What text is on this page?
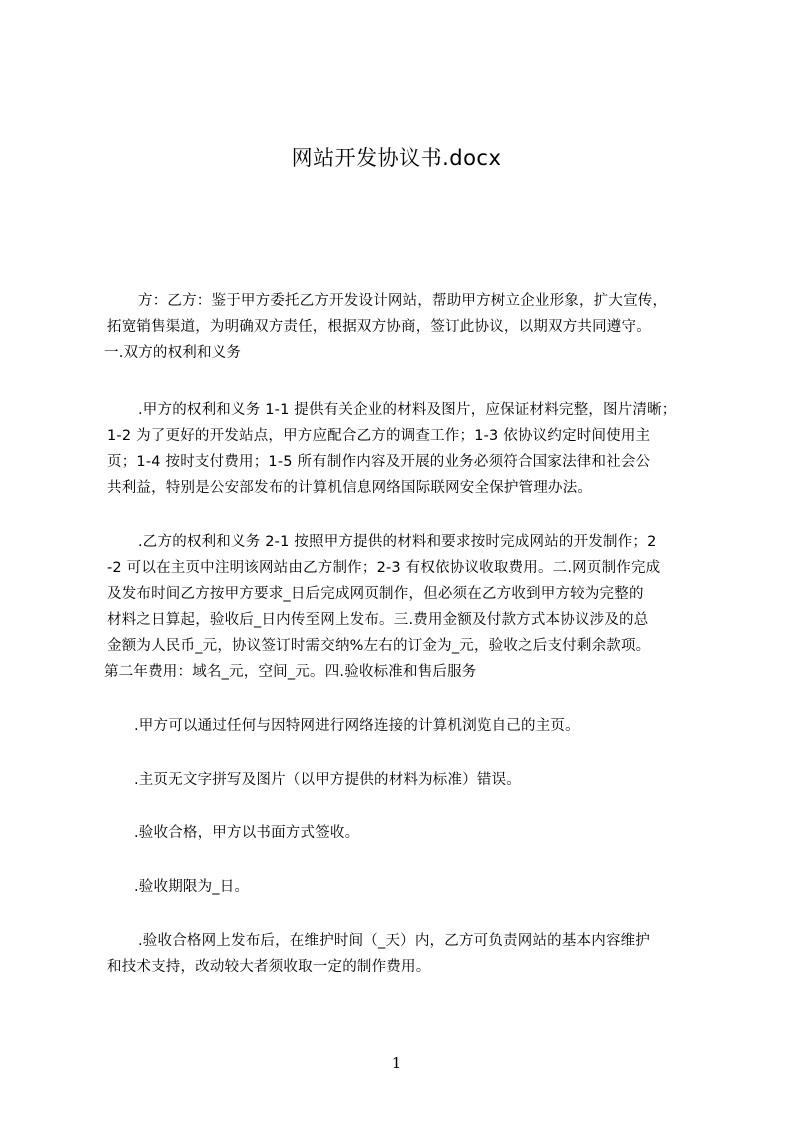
网站开发协议书.docx
方：乙方：鉴于甲方委托乙方开发设计网站，帮助甲方树立企业形象，扩大宣传，
拓宽销售渠道，为明确双方责任，根据双方协商，签订此协议，以期双方共同遵守。
一.双方的权利和义务
.甲方的权利和义务 1-1 提供有关企业的材料及图片，应保证材料完整，图片清晰；
1-2 为了更好的开发站点，甲方应配合乙方的调查工作；1-3 依协议约定时间使用主
页；1-4 按时支付费用；1-5 所有制作内容及开展的业务必须符合国家法律和社会公
共利益，特别是公安部发布的计算机信息网络国际联网安全保护管理办法。
.乙方的权利和义务 2-1 按照甲方提供的材料和要求按时完成网站的开发制作；2
-2 可以在主页中注明该网站由乙方制作；2-3 有权依协议收取费用。二.网页制作完成
及发布时间乙方按甲方要求_日后完成网页制作，但必须在乙方收到甲方较为完整的
材料之日算起，验收后_日内传至网上发布。三.费用金额及付款方式本协议涉及的总
金额为人民币_元，协议签订时需交纳%左右的订金为_元，验收之后支付剩余款项。
第二年费用：域名_元，空间_元。四.验收标准和售后服务
.甲方可以通过任何与因特网进行网络连接的计算机浏览自己的主页。
.主页无文字拼写及图片（以甲方提供的材料为标准）错误。
.验收合格，甲方以书面方式签收。
.验收期限为_日。
.验收合格网上发布后，在维护时间（_天）内，乙方可负责网站的基本内容维护
和技术支持，改动较大者须收取一定的制作费用。
1
